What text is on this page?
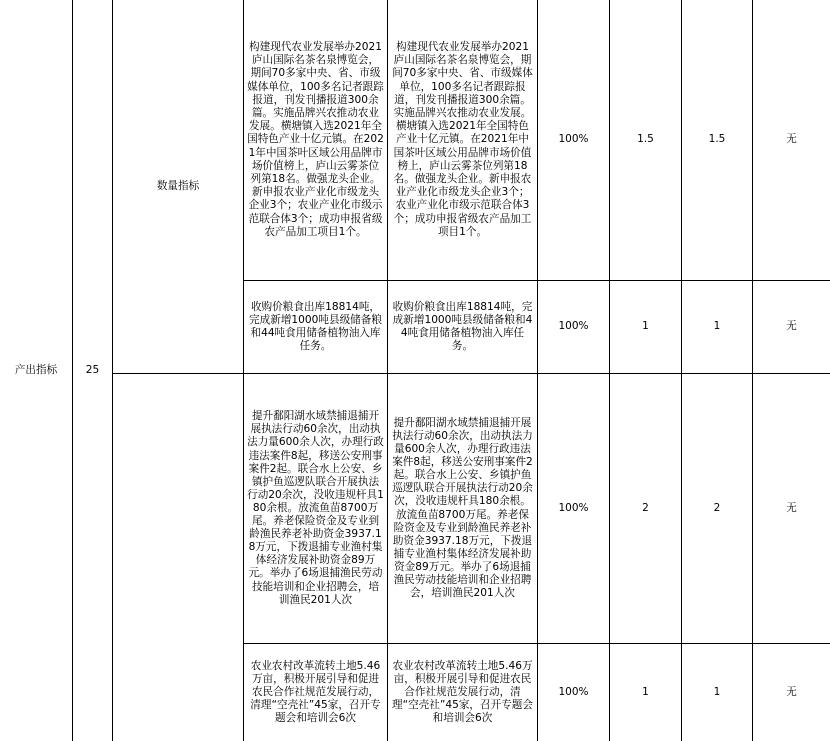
产出指标	25
数量指标
构建现代农业发展举办2021庐山国际名茶名泉博览会，期间70多家中央、省、市级媒体单位，100多名记者跟踪报道，刊发刊播报道300余篇。实施品牌兴农推动农业发展。横塘镇入选2021年全国特色产业十亿元镇。在2021年中国茶叶区域公用品牌市场价值榜上，庐山云雾茶位列第18名。做强龙头企业。新申报农业产业化市级龙头企业3个；农业产业化市级示范联合体3个；成功申报省级农产品加工项目1个。
构建现代农业发展举办2021庐山国际名茶名泉博览会，期间70多家中央、省、市级媒体单位，100多名记者跟踪报道，刊发刊播报道300余篇。实施品牌兴农推动农业发展。横塘镇入选2021年全国特色产业十亿元镇。在2021年中国茶叶区域公用品牌市场价值榜上，庐山云雾茶位列第18名。做强龙头企业。新申报农业产业化市级龙头企业3个；农业产业化市级示范联合体3个；成功申报省级农产品加工项目1个。
100%	1.5	1.5	无
收购价粮食出库18814吨，完成新增1000吨县级储备粮和44吨食用储备植物油入库任务。
收购价粮食出库18814吨，完成新增1000吨县级储备粮和44吨食用储备植物油入库任务。
100%	1	1	无
提升鄱阳湖水域禁捕退捕开展执法行动60余次，出动执法力量600余人次，办理行政违法案件8起，移送公安刑事案件2起。联合水上公安、乡镇护鱼巡逻队联合开展执法行动20余次，没收违规杆具180余根。放流鱼苗8700万尾。养老保险资金及专业到龄渔民养老补助资金3937.18万元，下拨退捕专业渔村集体经济发展补助资金89万元。举办了6场退捕渔民劳动技能培训和企业招聘会，培训渔民201人次
提升鄱阳湖水域禁捕退捕开展执法行动60余次，出动执法力量600余人次，办理行政违法案件8起，移送公安刑事案件2起。联合水上公安、乡镇护鱼巡逻队联合开展执法行动20余次，没收违规杆具180余根。放流鱼苗8700万尾。养老保险资金及专业到龄渔民养老补助资金3937.18万元，下拨退捕专业渔村集体经济发展补助资金89万元。举办了6场退捕渔民劳动技能培训和企业招聘会，培训渔民201人次
100%	2	2	无
农业农村改革流转土地5.46万亩，积极开展引导和促进农民合作社规范发展行动，清理“空壳社”45家，召开专题会和培训会6次
农业农村改革流转土地5.46万亩，积极开展引导和促进农民合作社规范发展行动，清理“空壳社”45家，召开专题会和培训会6次
100%	1	1	无
